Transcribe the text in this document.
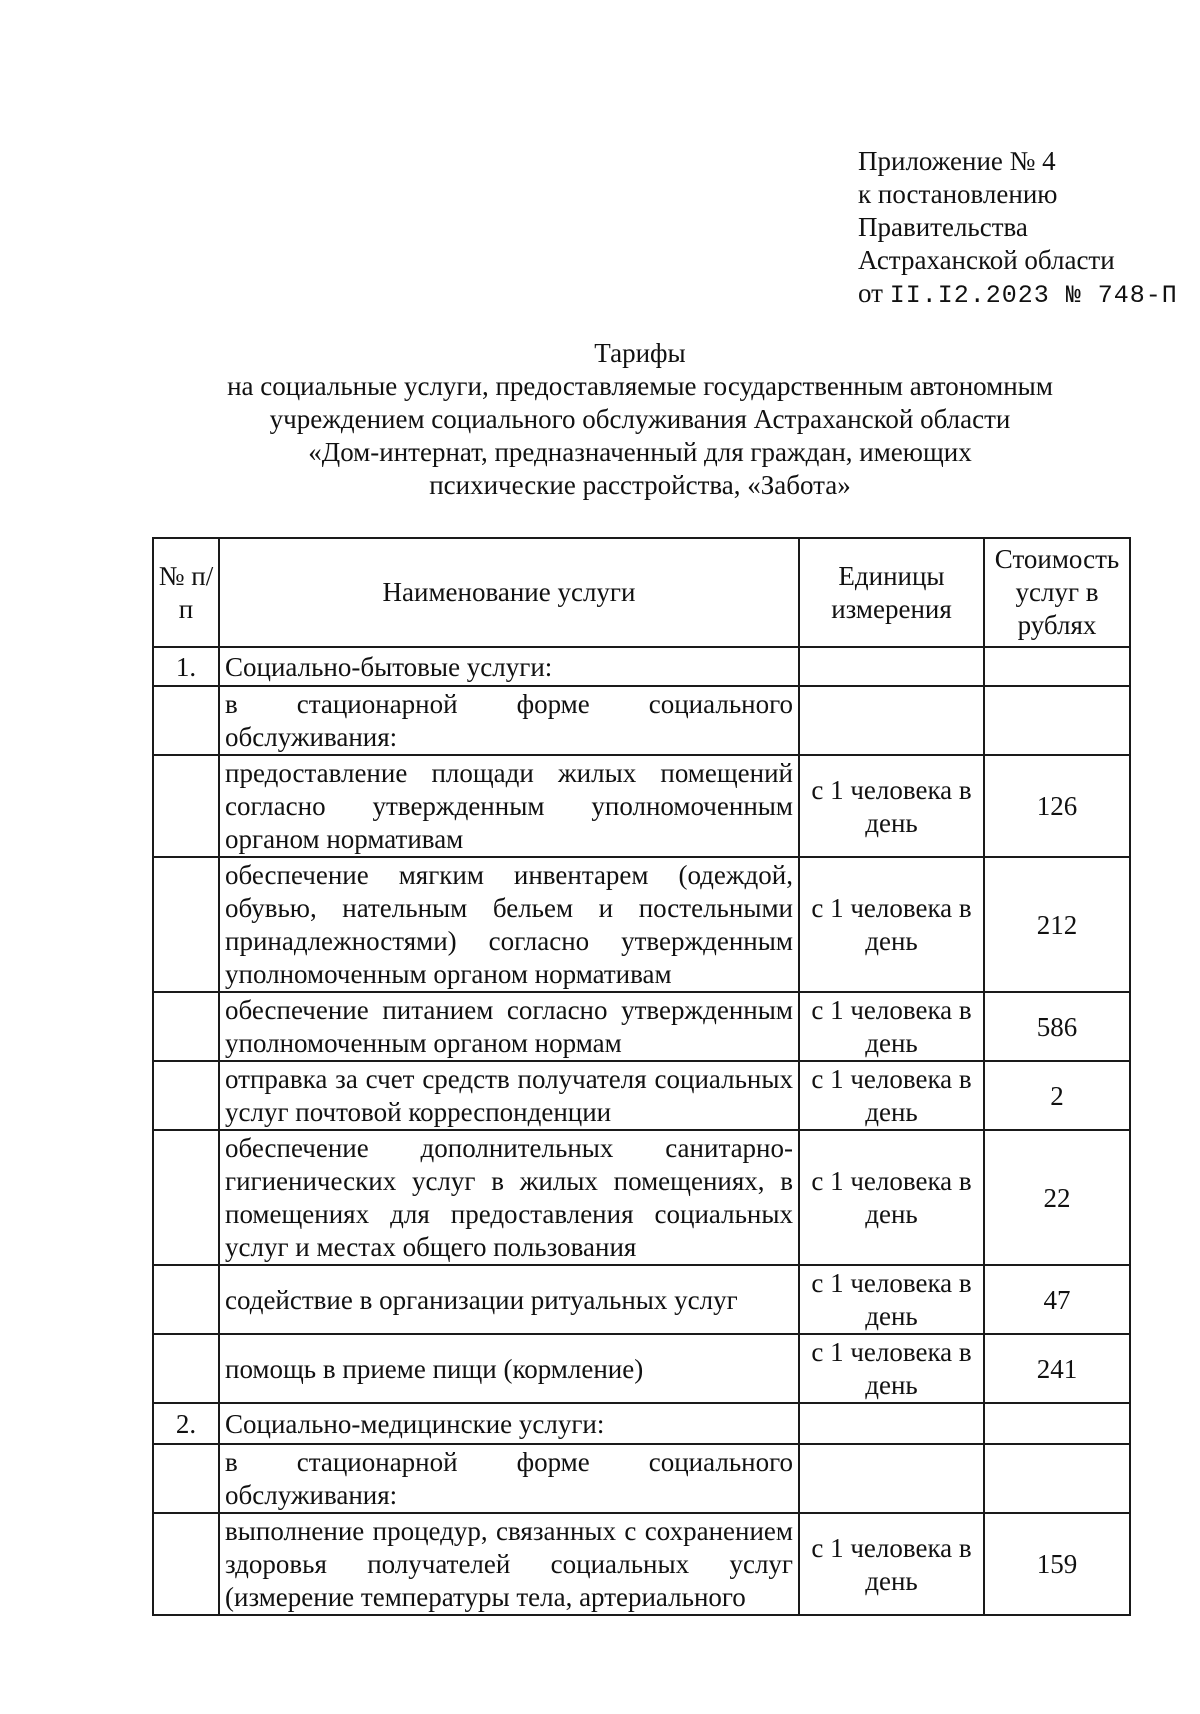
Приложение № 4
к постановлению
Правительства
Астраханской области
от II.I2.2023 № 748-П
Тарифы
на социальные услуги, предоставляемые государственным автономным
учреждением социального обслуживания Астраханской области
«Дом-интернат, предназначенный для граждан, имеющих
психические расстройства, «Забота»
№ п/п	Наименование услуги	Единицы измерения	Стоимость услуг в рублях
1.	Социально-бытовые услуги:		
	в стационарной форме социального обслуживания:		
	предоставление площади жилых помещений согласно утвержденным уполномоченным органом нормативам	с 1 человека в день	126
	обеспечение мягким инвентарем (одеждой, обувью, нательным бельем и постельными принадлежностями) согласно утвержденным уполномоченным органом нормативам	с 1 человека в день	212
	обеспечение питанием согласно утвержденным уполномоченным органом нормам	с 1 человека в день	586
	отправка за счет средств получателя социальных услуг почтовой корреспонденции	с 1 человека в день	2
	обеспечение дополнительных санитарно-гигиенических услуг в жилых помещениях, в помещениях для предоставления социальных услуг и местах общего пользования	с 1 человека в день	22
	содействие в организации ритуальных услуг	с 1 человека в день	47
	помощь в приеме пищи (кормление)	с 1 человека в день	241
2.	Социально-медицинские услуги:		
	в стационарной форме социального обслуживания:		
	выполнение процедур, связанных с сохранением здоровья получателей социальных услуг (измерение температуры тела, артериального	с 1 человека в день	159
